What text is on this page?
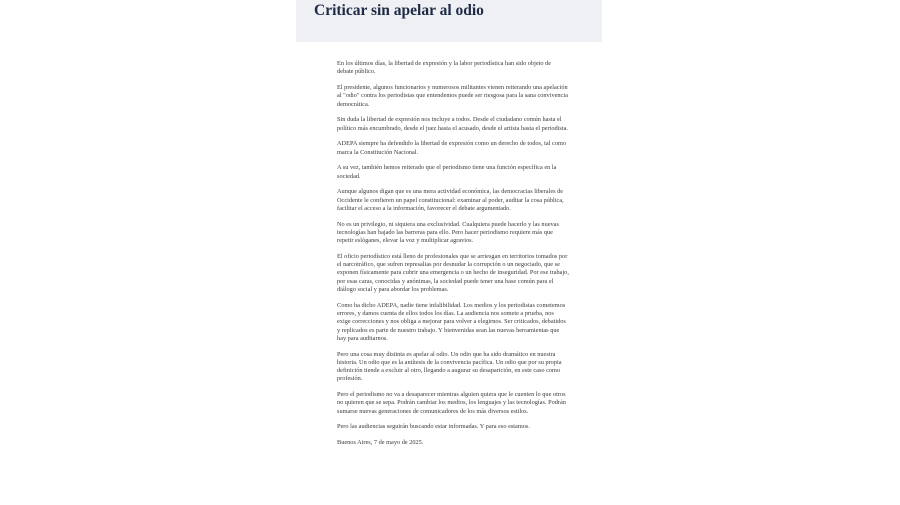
Criticar sin apelar al odio

En los últimos días, la libertad de expresión y la labor periodística han sido objeto de debate público.

El presidente, algunos funcionarios y numerosos militantes vienen reiterando una apelación al "odio" contra los periodistas que entendemos puede ser riesgosa para la sana convivencia democrática.

Sin duda la libertad de expresión nos incluye a todos. Desde el ciudadano común hasta el político más encumbrado, desde el juez hasta el acusado, desde el artista hasta el periodista.

ADEPA siempre ha defendido la libertad de expresión como un derecho de todos, tal como marca la Constitución Nacional.

A su vez, también hemos reiterado que el periodismo tiene una función específica en la sociedad.

Aunque algunos digan que es una mera actividad económica, las democracias liberales de Occidente le confieren un papel constitucional: examinar al poder, auditar la cosa pública, facilitar el acceso a la información, favorecer el debate argumentado.

No es un privilegio, ni siquiera una exclusividad. Cualquiera puede hacerlo y las nuevas tecnologías han bajado las barreras para ello. Pero hacer periodismo requiere más que repetir eslóganes, elevar la voz y multiplicar agravios.

El oficio periodístico está lleno de profesionales que se arriesgan en territorios tomados por el narcotráfico, que sufren represalias por desnudar la corrupción o un negociado, que se exponen físicamente para cubrir una emergencia o un hecho de inseguridad. Por ese trabajo, por esas caras, conocidas y anónimas, la sociedad puede tener una base común para el diálogo social y para abordar los problemas.

Como ha dicho ADEPA, nadie tiene infalibilidad. Los medios y los periodistas cometemos errores, y damos cuenta de ellos todos los días. La audiencia nos somete a prueba, nos exige correcciones y nos obliga a mejorar para volver a elegirnos. Ser criticados, debatidos y replicados es parte de nuestro trabajo. Y bienvenidas sean las nuevas herramientas que hay para auditarnos.

Pero una cosa muy distinta es apelar al odio. Un odio que ha sido dramático en nuestra historia. Un odio que es la antítesis de la convivencia pacífica. Un odio que por su propia definición tiende a excluir al otro, llegando a augurar su desaparición, en este caso como profesión.

Pero el periodismo no va a desaparecer mientras alguien quiera que le cuenten lo que otros no quieren que se sepa. Podrán cambiar los medios, los lenguajes y las tecnologías. Podrán sumarse nuevas generaciones de comunicadores de los más diversos estilos.

Pero las audiencias seguirán buscando estar informadas. Y para eso estamos.

Buenos Aires, 7 de mayo de 2025.
